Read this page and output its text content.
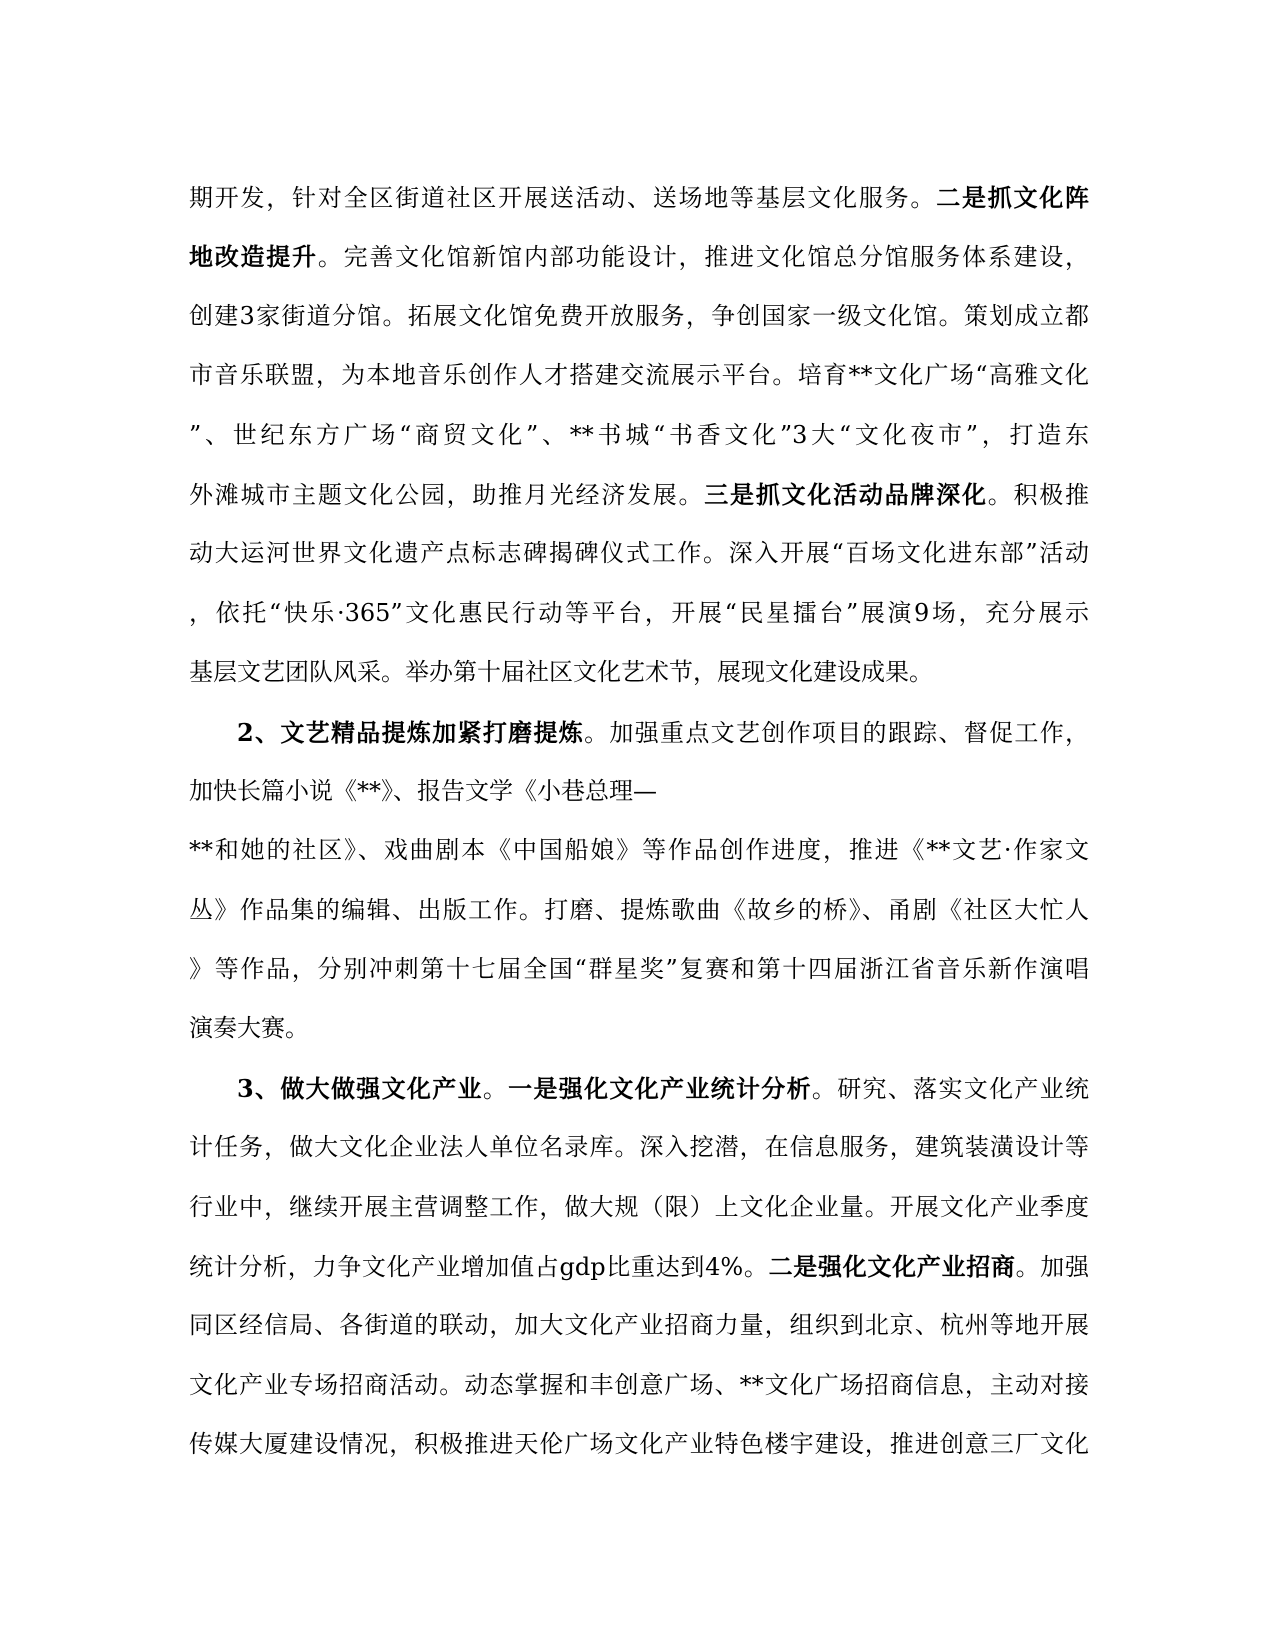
期开发，针对全区街道社区开展送活动、送场地等基层文化服务。二是抓文化阵
地改造提升。完善文化馆新馆内部功能设计，推进文化馆总分馆服务体系建设，
创建3家街道分馆。拓展文化馆免费开放服务，争创国家一级文化馆。策划成立都
市音乐联盟，为本地音乐创作人才搭建交流展示平台。培育**文化广场“高雅文化
”、世纪东方广场“商贸文化”、**书城“书香文化”3大“文化夜市”，打造东
外滩城市主题文化公园，助推月光经济发展。三是抓文化活动品牌深化。积极推
动大运河世界文化遗产点标志碑揭碑仪式工作。深入开展“百场文化进东部”活动
，依托“快乐·365”文化惠民行动等平台，开展“民星擂台”展演9场，充分展示
基层文艺团队风采。举办第十届社区文化艺术节，展现文化建设成果。
2、文艺精品提炼加紧打磨提炼。加强重点文艺创作项目的跟踪、督促工作，
加快长篇小说《**》、报告文学《小巷总理—
**和她的社区》、戏曲剧本《中国船娘》等作品创作进度，推进《**文艺·作家文
丛》作品集的编辑、出版工作。打磨、提炼歌曲《故乡的桥》、甬剧《社区大忙人
》等作品，分别冲刺第十七届全国“群星奖”复赛和第十四届浙江省音乐新作演唱
演奏大赛。
3、做大做强文化产业。一是强化文化产业统计分析。研究、落实文化产业统
计任务，做大文化企业法人单位名录库。深入挖潜，在信息服务，建筑装潢设计等
行业中，继续开展主营调整工作，做大规（限）上文化企业量。开展文化产业季度
统计分析，力争文化产业增加值占gdp比重达到4%。二是强化文化产业招商。加强
同区经信局、各街道的联动，加大文化产业招商力量，组织到北京、杭州等地开展
文化产业专场招商活动。动态掌握和丰创意广场、**文化广场招商信息，主动对接
传媒大厦建设情况，积极推进天伦广场文化产业特色楼宇建设，推进创意三厂文化
